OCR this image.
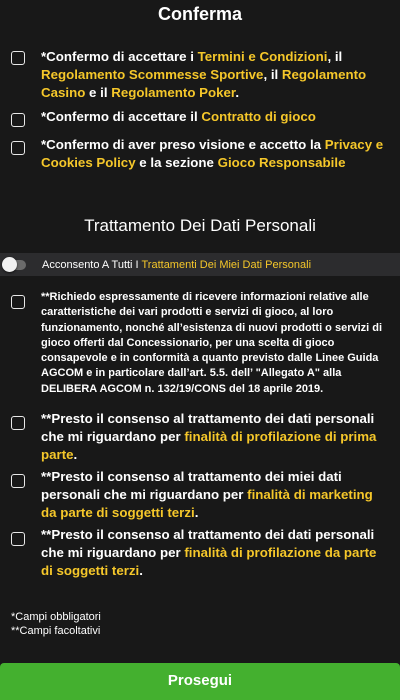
Conferma
*Confermo di accettare i Termini e Condizioni, il Regolamento Scommesse Sportive, il Regolamento Casino e il Regolamento Poker.
*Confermo di accettare il Contratto di gioco
*Confermo di aver preso visione e accetto la Privacy e Cookies Policy e la sezione Gioco Responsabile
Trattamento Dei Dati Personali
Acconsento A Tutti I Trattamenti Dei Miei Dati Personali
**Richiedo espressamente di ricevere informazioni relative alle caratteristiche dei vari prodotti e servizi di gioco, al loro funzionamento, nonché all’esistenza di nuovi prodotti o servizi di gioco offerti dal Concessionario, per una scelta di gioco consapevole e in conformità a quanto previsto dalle Linee Guida AGCOM e in particolare dall’art. 5.5. dell’ "Allegato A" alla DELIBERA AGCOM n. 132/19/CONS del 18 aprile 2019.
**Presto il consenso al trattamento dei dati personali che mi riguardano per finalità di profilazione di prima parte.
**Presto il consenso al trattamento dei miei dati personali che mi riguardano per finalità di marketing da parte di soggetti terzi.
**Presto il consenso al trattamento dei dati personali che mi riguardano per finalità di profilazione da parte di soggetti terzi.
*Campi obbligatori
**Campi facoltativi
Prosegui
